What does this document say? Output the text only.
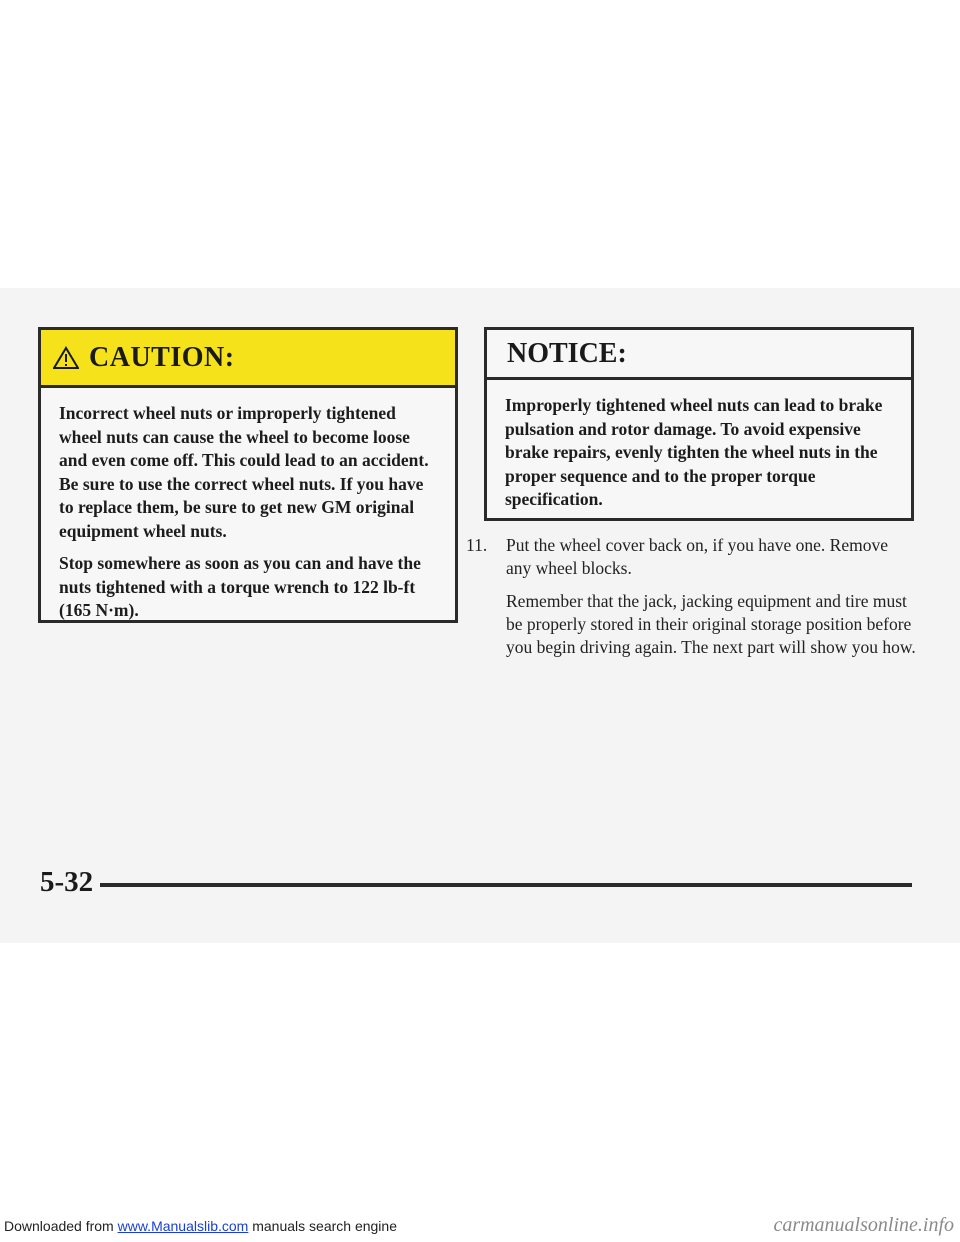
CAUTION:

Incorrect wheel nuts or improperly tightened wheel nuts can cause the wheel to become loose and even come off. This could lead to an accident. Be sure to use the correct wheel nuts. If you have to replace them, be sure to get new GM original equipment wheel nuts.

Stop somewhere as soon as you can and have the nuts tightened with a torque wrench to 122 lb-ft (165 N·m).

NOTICE:

Improperly tightened wheel nuts can lead to brake pulsation and rotor damage. To avoid expensive brake repairs, evenly tighten the wheel nuts in the proper sequence and to the proper torque specification.

11.	Put the wheel cover back on, if you have one. Remove any wheel blocks.

Remember that the jack, jacking equipment and tire must be properly stored in their original storage position before you begin driving again. The next part will show you how.

5-32
Downloaded from www.Manualslib.com manuals search engine	carmanualsonline.info
